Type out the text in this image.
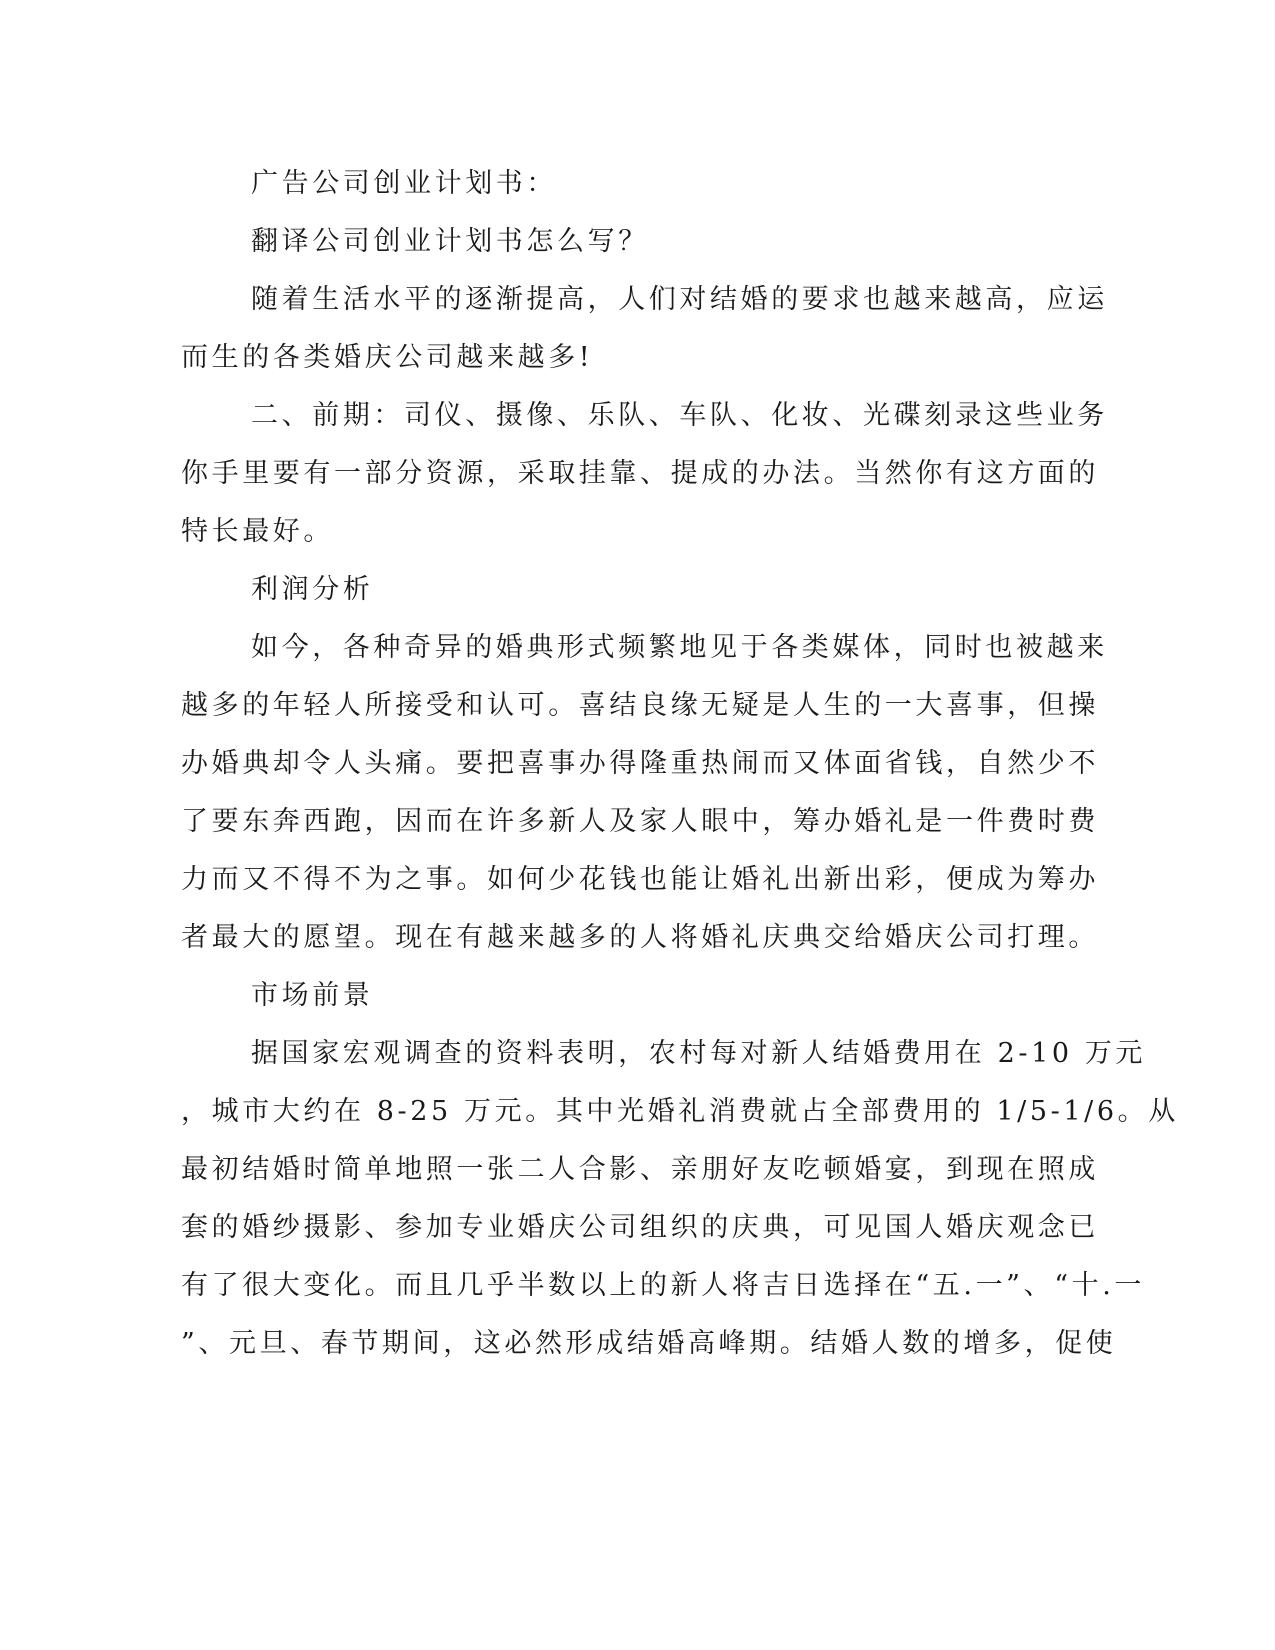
广告公司创业计划书：
翻译公司创业计划书怎么写？
随着生活水平的逐渐提高，人们对结婚的要求也越来越高，应运
而生的各类婚庆公司越来越多!
二、前期：司仪、摄像、乐队、车队、化妆、光碟刻录这些业务
你手里要有一部分资源，采取挂靠、提成的办法。当然你有这方面的
特长最好。
利润分析
如今，各种奇异的婚典形式频繁地见于各类媒体，同时也被越来
越多的年轻人所接受和认可。喜结良缘无疑是人生的一大喜事，但操
办婚典却令人头痛。要把喜事办得隆重热闹而又体面省钱，自然少不
了要东奔西跑，因而在许多新人及家人眼中，筹办婚礼是一件费时费
力而又不得不为之事。如何少花钱也能让婚礼出新出彩，便成为筹办
者最大的愿望。现在有越来越多的人将婚礼庆典交给婚庆公司打理。
市场前景
据国家宏观调查的资料表明，农村每对新人结婚费用在 2-10 万元
，城市大约在 8-25 万元。其中光婚礼消费就占全部费用的 1/5-1/6。从
最初结婚时简单地照一张二人合影、亲朋好友吃顿婚宴，到现在照成
套的婚纱摄影、参加专业婚庆公司组织的庆典，可见国人婚庆观念已
有了很大变化。而且几乎半数以上的新人将吉日选择在“五.一”、“十.一
”、元旦、春节期间，这必然形成结婚高峰期。结婚人数的增多，促使
